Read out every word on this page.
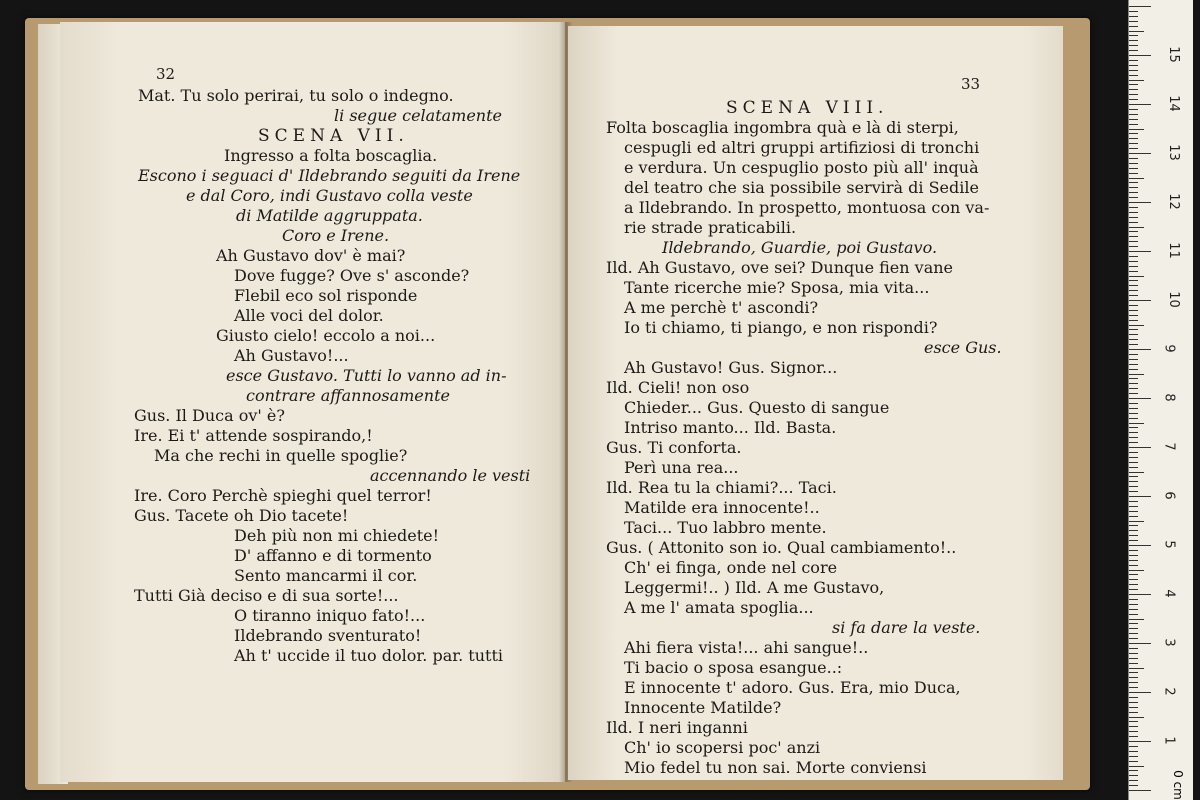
32
Mat. Tu solo perirai, tu solo o indegno.
li segue celatamente
SCENA VII.
Ingresso a folta boscaglia.
Escono i seguaci d' Ildebrando seguiti da Irene
e dal Coro, indi Gustavo colla veste
di Matilde aggruppata.
Coro e Irene.
Ah Gustavo dov' è mai?
Dove fugge? Ove s' asconde?
Flebil eco sol risponde
Alle voci del dolor.
Giusto cielo! eccolo a noi...
Ah Gustavo!...
esce Gustavo. Tutti lo vanno ad in-
contrare affannosamente
Gus. Il Duca ov' è?
Ire. Ei t' attende sospirando,!
Ma che rechi in quelle spoglie?
accennando le vesti
Ire. Coro Perchè spieghi quel terror!
Gus. Tacete oh Dio tacete!
Deh più non mi chiedete!
D' affanno e di tormento
Sento mancarmi il cor.
Tutti Già deciso e di sua sorte!...
O tiranno iniquo fato!...
Ildebrando sventurato!
Ah t' uccide il tuo dolor. par. tutti
33
SCENA VIII.
Folta boscaglia ingombra quà e là di sterpi,
cespugli ed altri gruppi artifiziosi di tronchi
e verdura. Un cespuglio posto più all' inquà
del teatro che sia possibile servirà di Sedile
a Ildebrando. In prospetto, montuosa con va-
rie strade praticabili.
Ildebrando, Guardie, poi Gustavo.
Ild. Ah Gustavo, ove sei? Dunque fien vane
Tante ricerche mie? Sposa, mia vita...
A me perchè t' ascondi?
Io ti chiamo, ti piango, e non rispondi?
esce Gus.
Ah Gustavo! Gus. Signor...
Ild. Cieli! non oso
Chieder... Gus. Questo di sangue
Intriso manto... Ild. Basta.
Gus. Ti conforta.
Perì una rea...
Ild. Rea tu la chiami?... Taci.
Matilde era innocente!..
Taci... Tuo labbro mente.
Gus. ( Attonito son io. Qual cambiamento!..
Ch' ei finga, onde nel core
Leggermi!.. ) Ild. A me Gustavo,
A me l' amata spoglia...
si fa dare la veste.
Ahi fiera vista!... ahi sangue!..
Ti bacio o sposa esangue..:
E innocente t' adoro. Gus. Era, mio Duca,
Innocente Matilde?
Ild. I neri inganni
Ch' io scopersi poc' anzi
Mio fedel tu non sai. Morte conviensi
0 cm
1
2
3
4
5
6
7
8
9
10
11
12
13
14
15
